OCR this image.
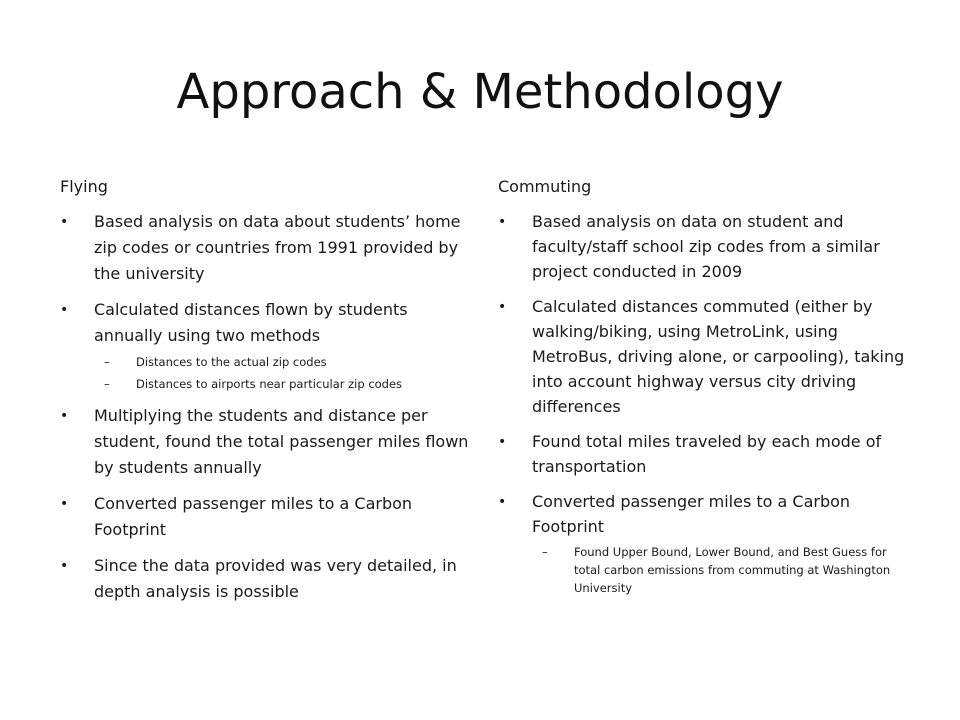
Approach & Methodology
Flying
•	Based analysis on data about students’ home zip codes or countries from 1991 provided by the university
•	Calculated distances flown by students annually using two methods
– Distances to the actual zip codes
– Distances to airports near particular zip codes
•	Multiplying the students and distance per student, found the total passenger miles flown by students annually
•	Converted passenger miles to a Carbon Footprint
•	Since the data provided was very detailed, in depth analysis is possible
Commuting
•	Based analysis on data on student and faculty/staff school zip codes from a similar project conducted in 2009
•	Calculated distances commuted (either by walking/biking, using MetroLink, using MetroBus, driving alone, or carpooling), taking into account highway versus city driving differences
•	Found total miles traveled by each mode of transportation
•	Converted passenger miles to a Carbon Footprint
– Found Upper Bound, Lower Bound, and Best Guess for total carbon emissions from commuting at Washington University
